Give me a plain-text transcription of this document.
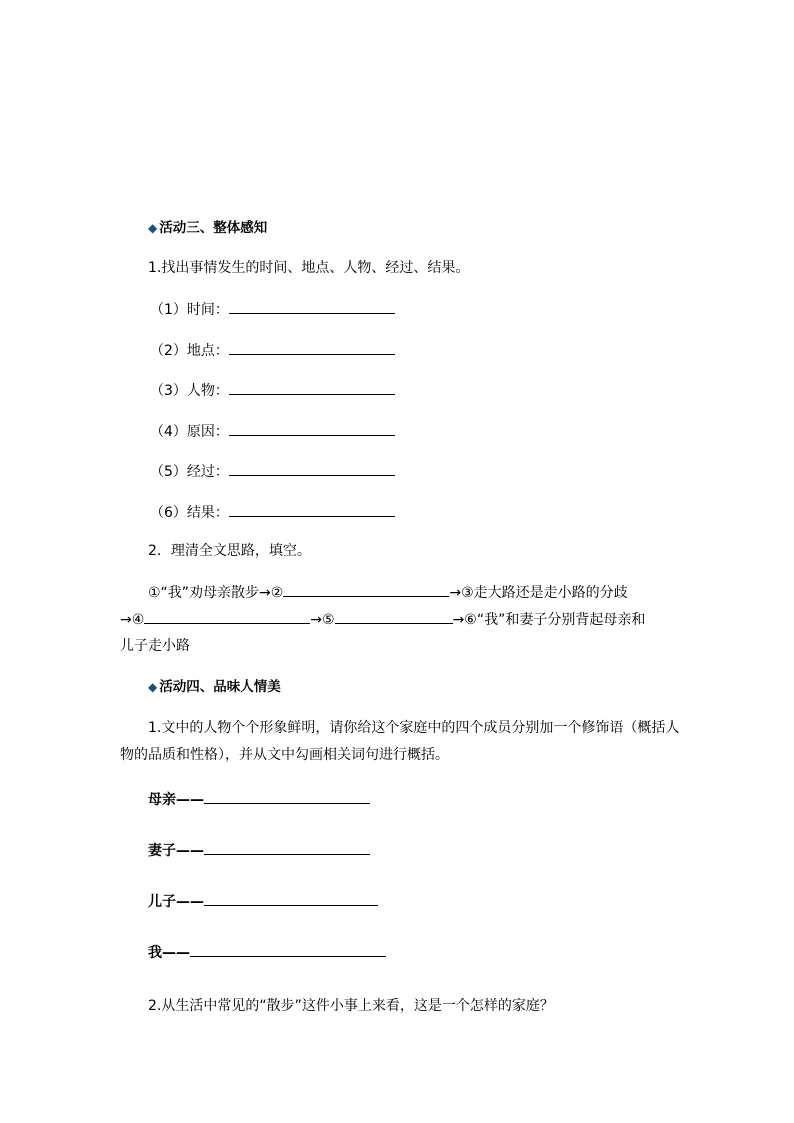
◆ 活动三、整体感知
1.找出事情发生的时间、地点、人物、经过、结果。
（1）时间：
（2）地点：
（3）人物：
（4）原因：
（5）经过：
（6）结果：
2．理清全文思路，填空。
①“我”劝母亲散步→②	→③走大路还是走小路的分歧
→④	→⑤	→⑥“我”和妻子分别背起母亲和
儿子走小路
◆ 活动四、品味人情美
1.文中的人物个个形象鲜明，请你给这个家庭中的四个成员分别加一个修饰语（概括人
物的品质和性格），并从文中勾画相关词句进行概括。
母亲——
妻子——
儿子——
我——
2.从生活中常见的“散步”这件小事上来看，这是一个怎样的家庭？
